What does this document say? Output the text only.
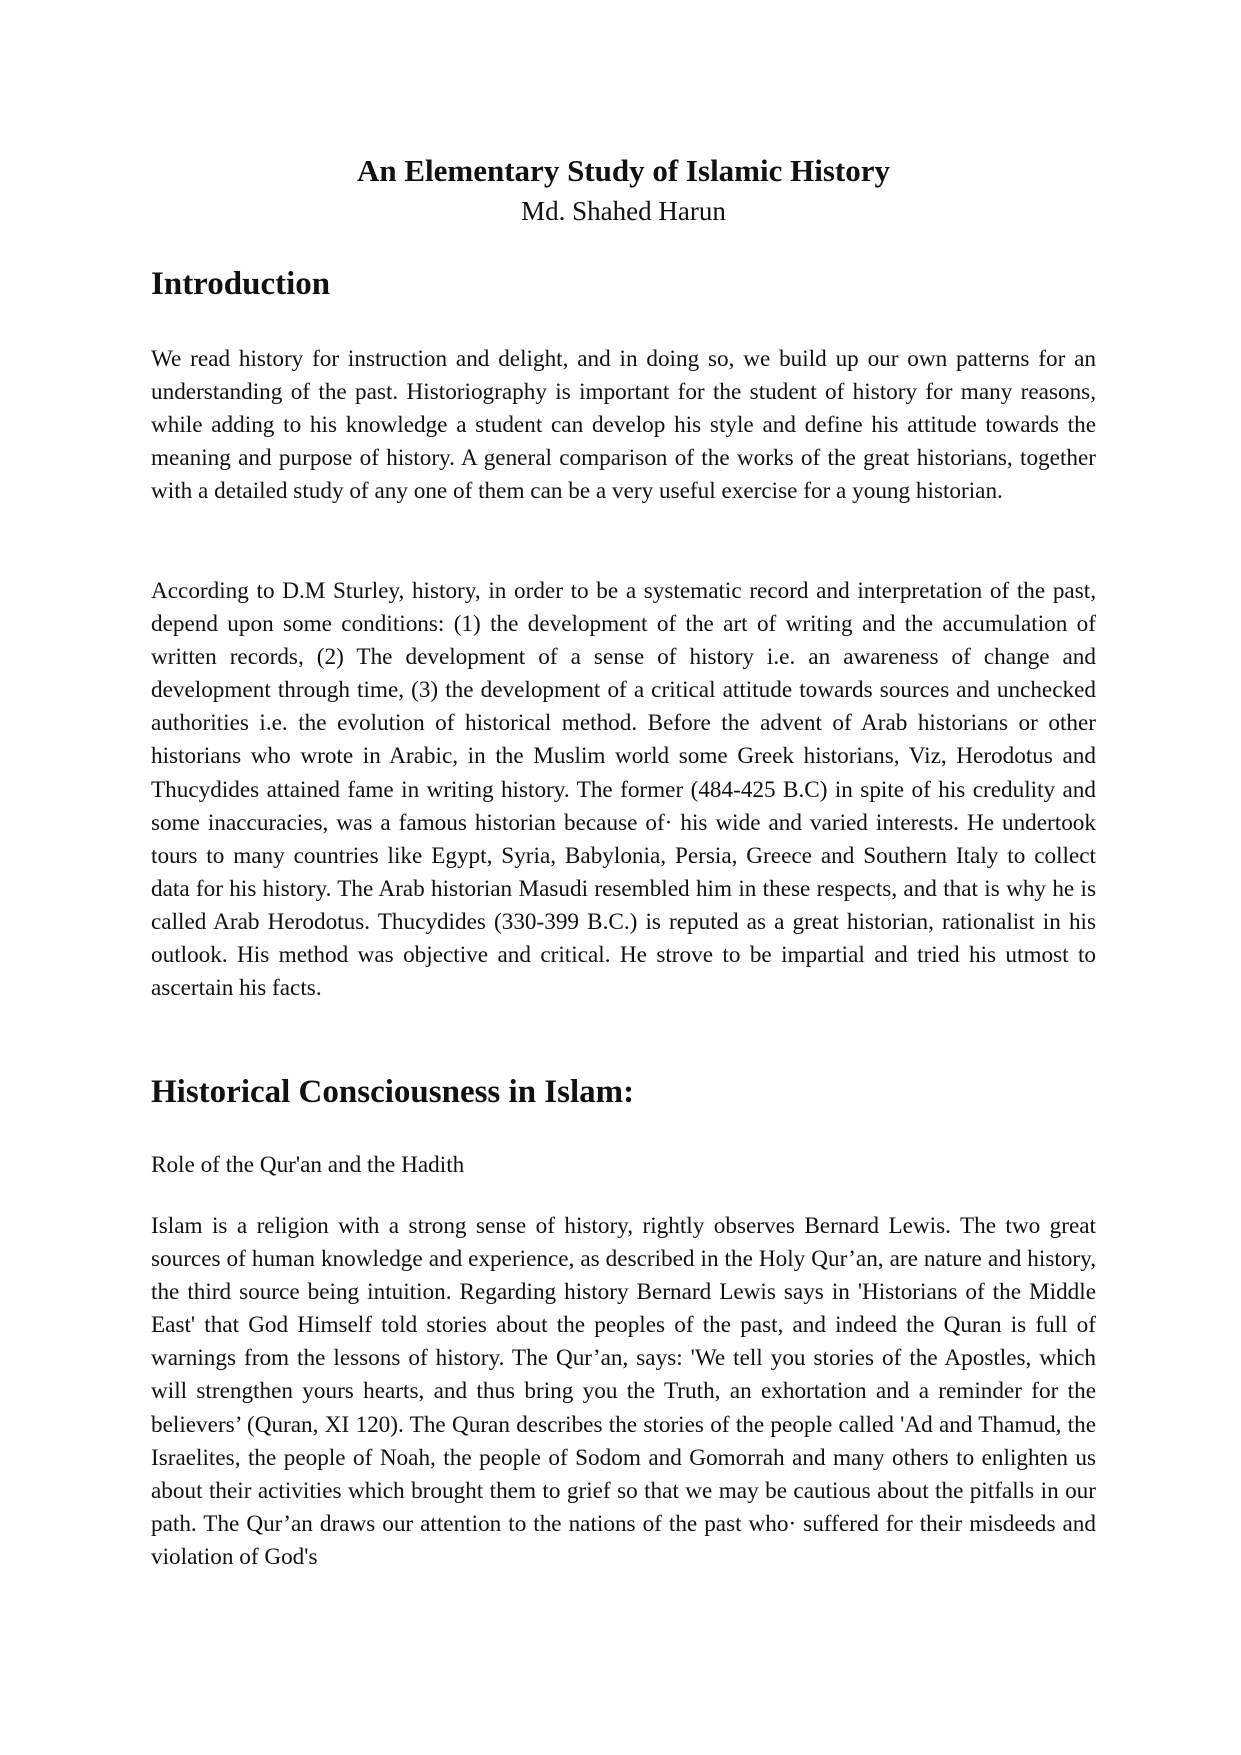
An Elementary Study of Islamic History
Md. Shahed Harun
Introduction

We read history for instruction and delight, and in doing so, we build up our own patterns for an understanding of the past. Historiography is important for the student of history for many reasons, while adding to his knowledge a student can develop his style and define his attitude towards the meaning and purpose of history. A general comparison of the works of the great historians, together with a detailed study of any one of them can be a very useful exercise for a young historian.

According to D.M Sturley, history, in order to be a systematic record and interpretation of the past, depend upon some conditions: (1) the development of the art of writing and the accumulation of written records, (2) The development of a sense of history i.e. an awareness of change and development through time, (3) the development of a critical attitude towards sources and unchecked authorities i.e. the evolution of historical method. Before the advent of Arab historians or other historians who wrote in Arabic, in the Muslim world some Greek historians, Viz, Herodotus and Thucydides attained fame in writing history. The former (484-425 B.C) in spite of his credulity and some inaccuracies, was a famous historian because of· his wide and varied interests. He undertook tours to many countries like Egypt, Syria, Babylonia, Persia, Greece and Southern Italy to collect data for his history. The Arab historian Masudi resembled him in these respects, and that is why he is called Arab Herodotus. Thucydides (330-399 B.C.) is reputed as a great historian, rationalist in his outlook. His method was objective and critical. He strove to be impartial and tried his utmost to ascertain his facts.

Historical Consciousness in Islam:
Role of the Qur'an and the Hadith

Islam is a religion with a strong sense of history, rightly observes Bernard Lewis. The two great sources of human knowledge and experience, as described in the Holy Qur’an, are nature and history, the third source being intuition. Regarding history Bernard Lewis says in 'Historians of the Middle East' that God Himself told stories about the peoples of the past, and indeed the Quran is full of warnings from the lessons of history. The Qur’an, says: 'We tell you stories of the Apostles, which will strengthen yours hearts, and thus bring you the Truth, an exhortation and a reminder for the believers’ (Quran, XI 120). The Quran describes the stories of the people called 'Ad and Thamud, the Israelites, the people of Noah, the people of Sodom and Gomorrah and many others to enlighten us about their activities which brought them to grief so that we may be cautious about the pitfalls in our path. The Qur’an draws our attention to the nations of the past who· suffered for their misdeeds and violation of God's
